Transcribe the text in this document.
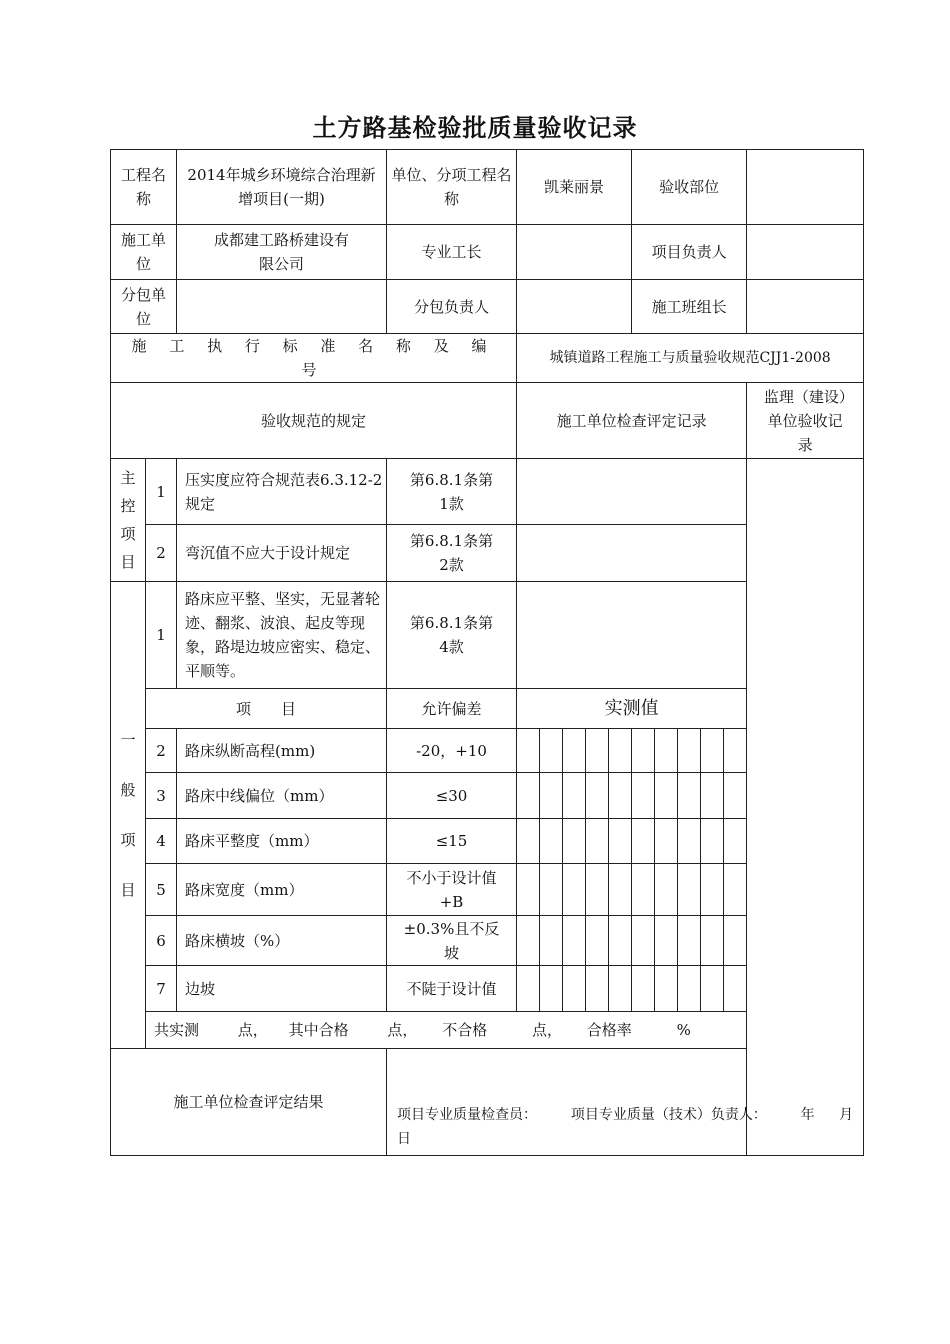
土方路基检验批质量验收记录
工程名称		2014年城乡环境综合治理新增项目(一期)	单位、分项工程名称	凯莱丽景					验收部位					
施工单位		成都建工路桥建设有限公司	专业工长						项目负责人					
分包单位			分包负责人						施工班组长					
施 工 执 行 标 准 名 称 及 编 号				城镇道路工程施工与质量验收规范CJJ1-2008										
验收规范的规定				施工单位检查评定记录										监理（建设）单位验收记录
主
控
项
目	1	压实度应符合规范表6.3.12-2规定	第6.8.1条第1款											
	2	弯沉值不应大于设计规定	第6.8.1条第2款											
一
般
项
目	1	路床应平整、坚实，无显著轮迹、翻浆、波浪、起皮等现象，路堤边坡应密实、稳定、平顺等。	第6.8.1条第4款											
	项　　目		允许偏差	实测值										
	2	路床纵断高程(mm)	-20，+10											
	3	路床中线偏位（mm）	≤30											
	4	路床平整度（mm）	≤15											
	5	路床宽度（mm）	不小于设计值+B											
	6	路床横坡（%）	±0.3%且不反坡											
	7	边坡	不陡于设计值											
	共实测 点， 其中合格 点， 不合格 点， 合格率 %													
施工单位检查评定结果			项目专业质量检查员： 项目专业质量（技术）负责人： 年 月
日											
